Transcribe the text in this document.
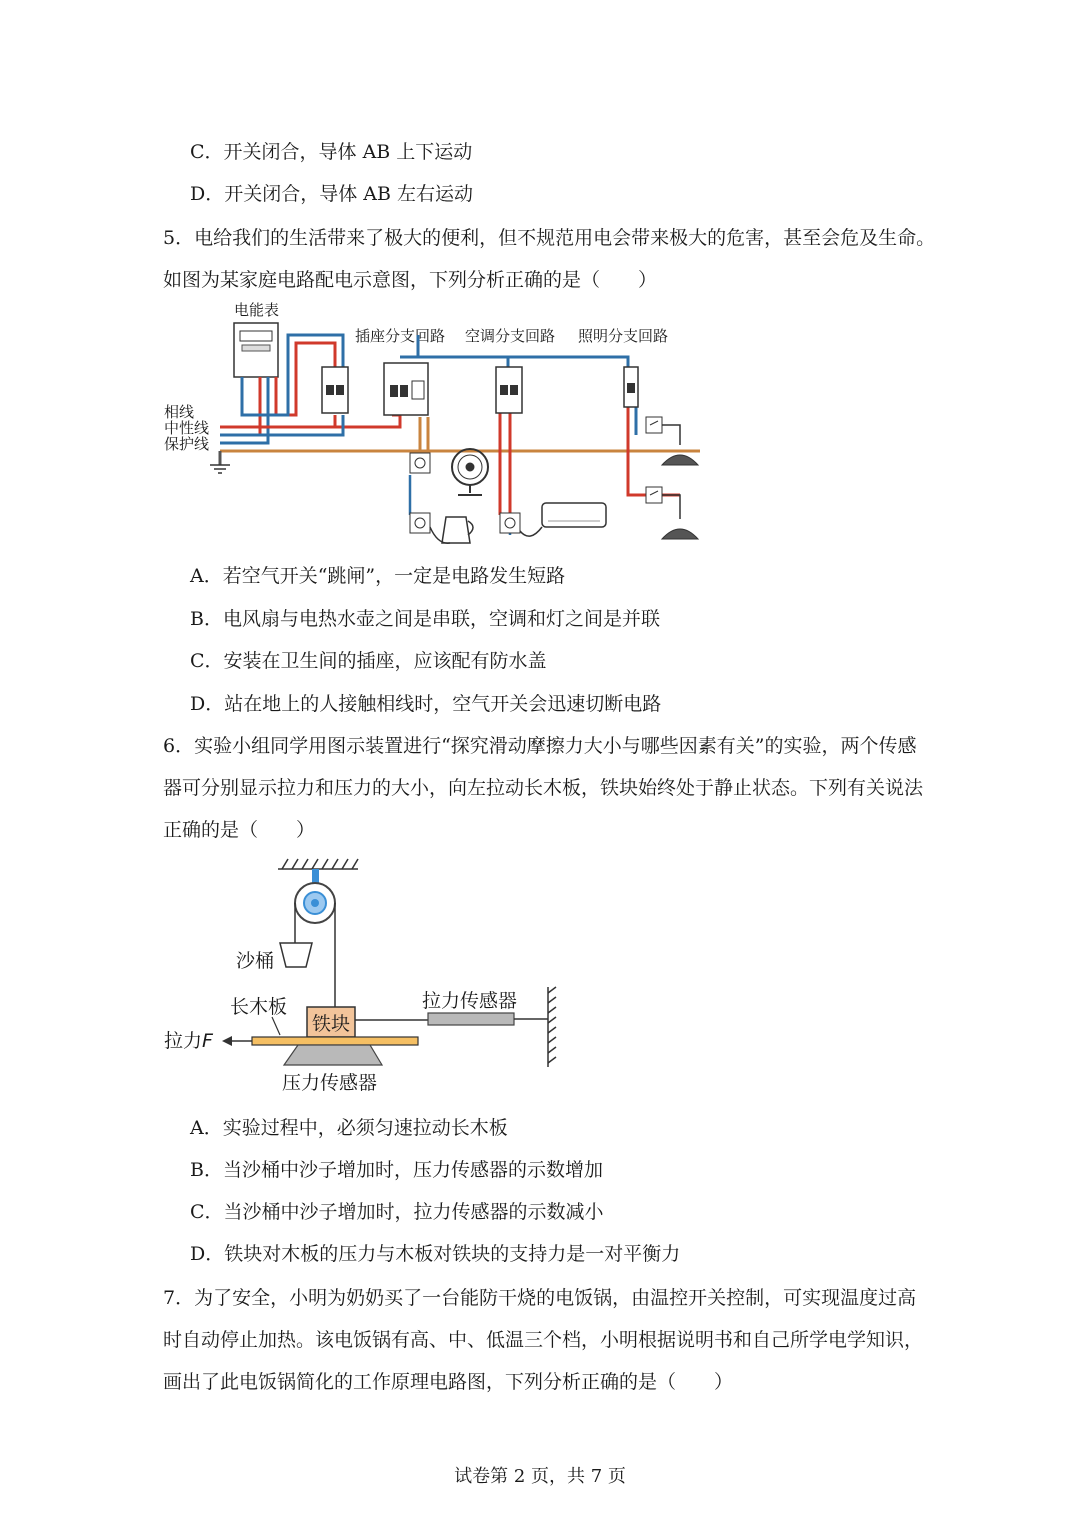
C．开关闭合，导体 AB 上下运动
D．开关闭合，导体 AB 左右运动
5．电给我们的生活带来了极大的便利，但不规范用电会带来极大的危害，甚至会危及生命。
如图为某家庭电路配电示意图，下列分析正确的是（　　）
电能表
插座分支回路 空调分支回路 照明分支回路
相线
中性线
保护线
A．若空气开关“跳闸”，一定是电路发生短路
B．电风扇与电热水壶之间是串联，空调和灯之间是并联
C．安装在卫生间的插座，应该配有防水盖
D．站在地上的人接触相线时，空气开关会迅速切断电路
6．实验小组同学用图示装置进行“探究滑动摩擦力大小与哪些因素有关”的实验，两个传感
器可分别显示拉力和压力的大小，向左拉动长木板，铁块始终处于静止状态。下列有关说法
正确的是（　　）
沙桶
铁块
长木板
压力传感器
拉力传感器
拉力F
A．实验过程中，必须匀速拉动长木板
B．当沙桶中沙子增加时，压力传感器的示数增加
C．当沙桶中沙子增加时，拉力传感器的示数减小
D．铁块对木板的压力与木板对铁块的支持力是一对平衡力
7．为了安全，小明为奶奶买了一台能防干烧的电饭锅，由温控开关控制，可实现温度过高
时自动停止加热。该电饭锅有高、中、低温三个档，小明根据说明书和自己所学电学知识，
画出了此电饭锅简化的工作原理电路图，下列分析正确的是（　　）
试卷第 2 页，共 7 页
